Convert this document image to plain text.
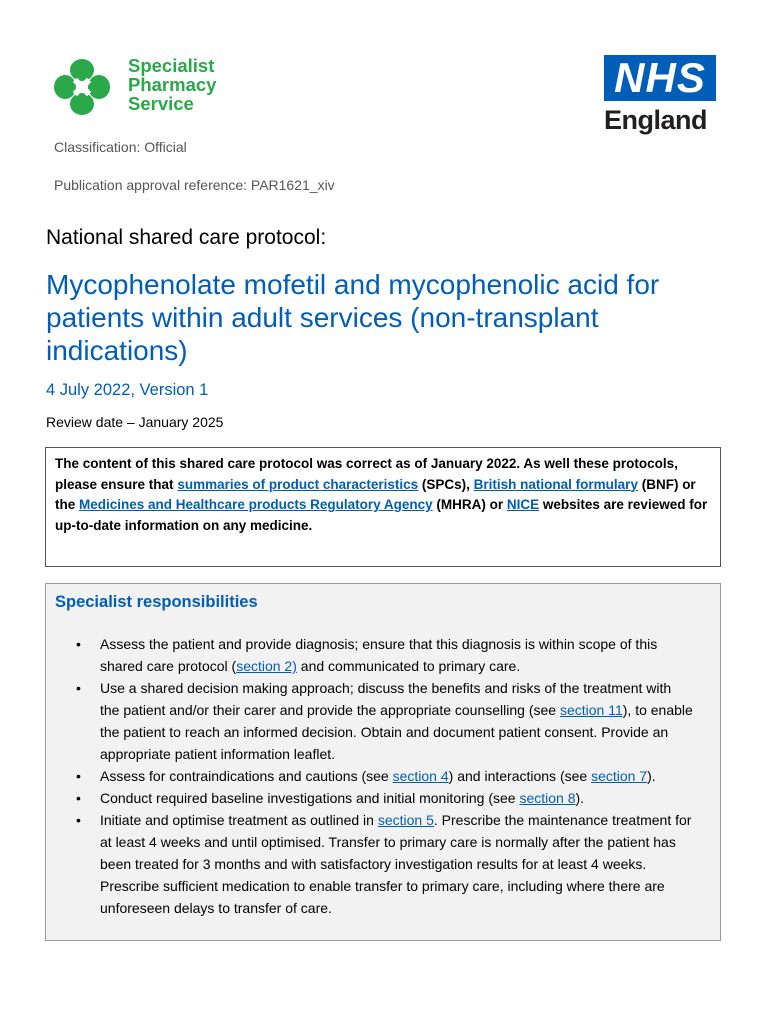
Specialist
Pharmacy
Service
NHS
England
Classification: Official
Publication approval reference: PAR1621_xiv
National shared care protocol:
Mycophenolate mofetil and mycophenolic acid for patients within adult services (non-transplant indications)
4 July 2022, Version 1
Review date – January 2025
The content of this shared care protocol was correct as of January 2022. As well these protocols, please ensure that summaries of product characteristics (SPCs), British national formulary (BNF) or the Medicines and Healthcare products Regulatory Agency (MHRA) or NICE websites are reviewed for up-to-date information on any medicine.
Specialist responsibilities
• Assess the patient and provide diagnosis; ensure that this diagnosis is within scope of this shared care protocol (section 2) and communicated to primary care.
• Use a shared decision making approach; discuss the benefits and risks of the treatment with the patient and/or their carer and provide the appropriate counselling (see section 11), to enable the patient to reach an informed decision. Obtain and document patient consent. Provide an appropriate patient information leaflet.
• Assess for contraindications and cautions (see section 4) and interactions (see section 7).
• Conduct required baseline investigations and initial monitoring (see section 8).
• Initiate and optimise treatment as outlined in section 5. Prescribe the maintenance treatment for at least 4 weeks and until optimised. Transfer to primary care is normally after the patient has been treated for 3 months and with satisfactory investigation results for at least 4 weeks. Prescribe sufficient medication to enable transfer to primary care, including where there are unforeseen delays to transfer of care.
